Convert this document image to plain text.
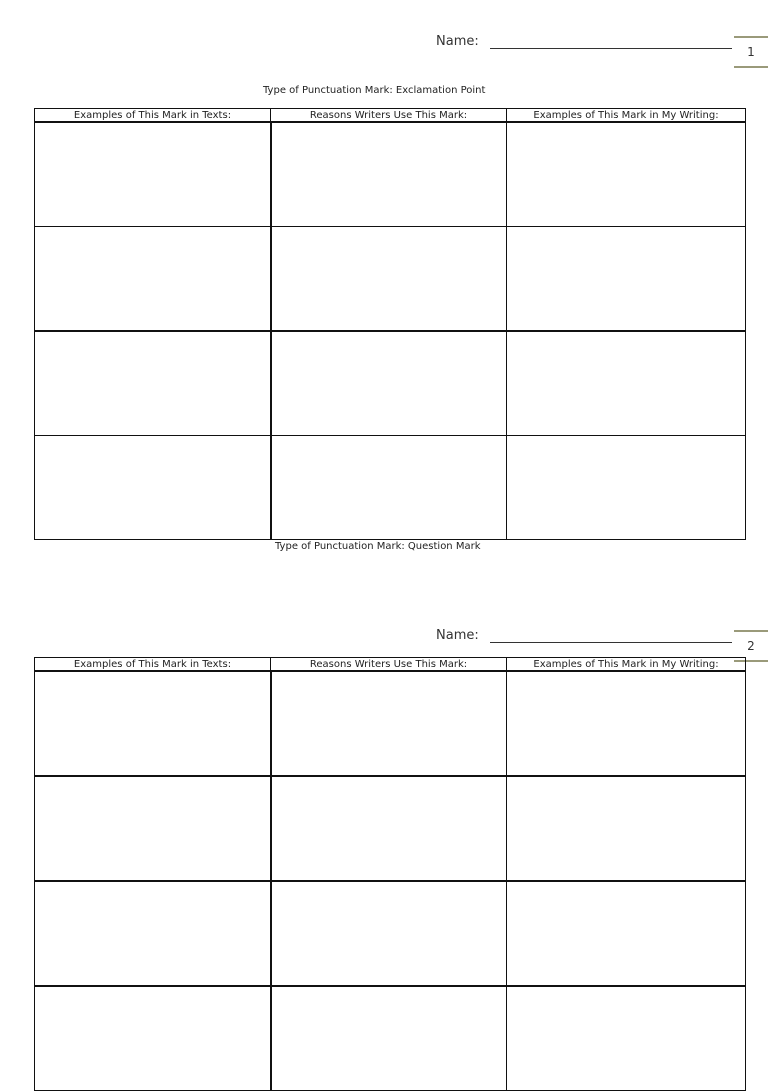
Name:
1
Type of Punctuation Mark: Exclamation Point
Examples of This Mark in Texts:	Reasons Writers Use This Mark:	Examples of This Mark in My Writing:

Type of Punctuation Mark: Question Mark
Name:
2
Examples of This Mark in Texts:	Reasons Writers Use This Mark:	Examples of This Mark in My Writing:
